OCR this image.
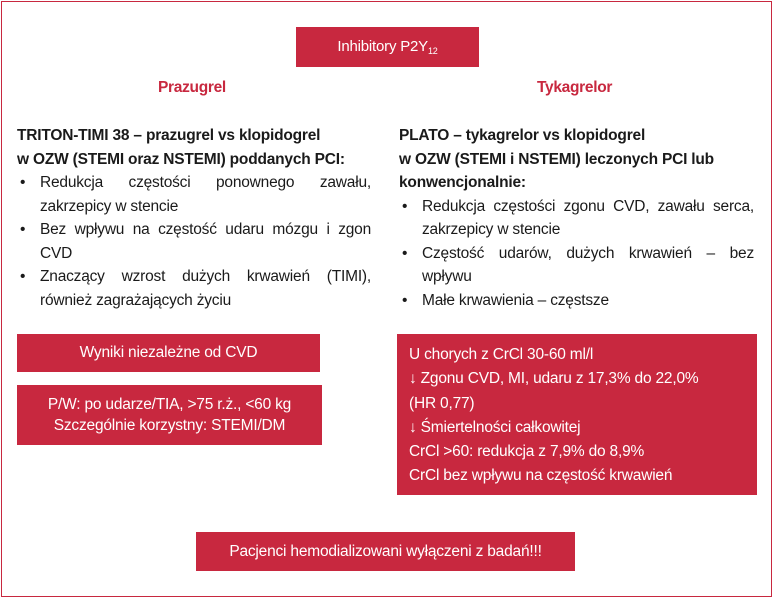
Inhibitory $P2Y_{12}$
Prazugrel	Tykagrelor
TRITON-TIMI 38 – prazugrel vs klopidogrel
w OZW (STEMI oraz NSTEMI) poddanych PCI:
• Redukcja częstości ponownego zawału, zakrzepicy w stencie
• Bez wpływu na częstość udaru mózgu i zgon CVD
• Znaczący wzrost dużych krwawień (TIMI), również zagrażających życiu
PLATO – tykagrelor vs klopidogrel
w OZW (STEMI i NSTEMI) leczonych PCI lub
konwencjonalnie:
• Redukcja częstości zgonu CVD, zawału serca, zakrzepicy w stencie
• Częstość udarów, dużych krwawień – bez wpływu
• Małe krwawienia – częstsze
Wyniki niezależne od CVD
P/W: po udarze/TIA, >75 r.ż., <60 kg
Szczególnie korzystny: STEMI/DM
U chorych z CrCl 30-60 ml/l
↓ Zgonu CVD, MI, udaru z 17,3% do 22,0%
(HR 0,77)
↓ Śmiertelności całkowitej
CrCl >60: redukcja z 7,9% do 8,9%
CrCl bez wpływu na częstość krwawień
Pacjenci hemodializowani wyłączeni z badań!!!
